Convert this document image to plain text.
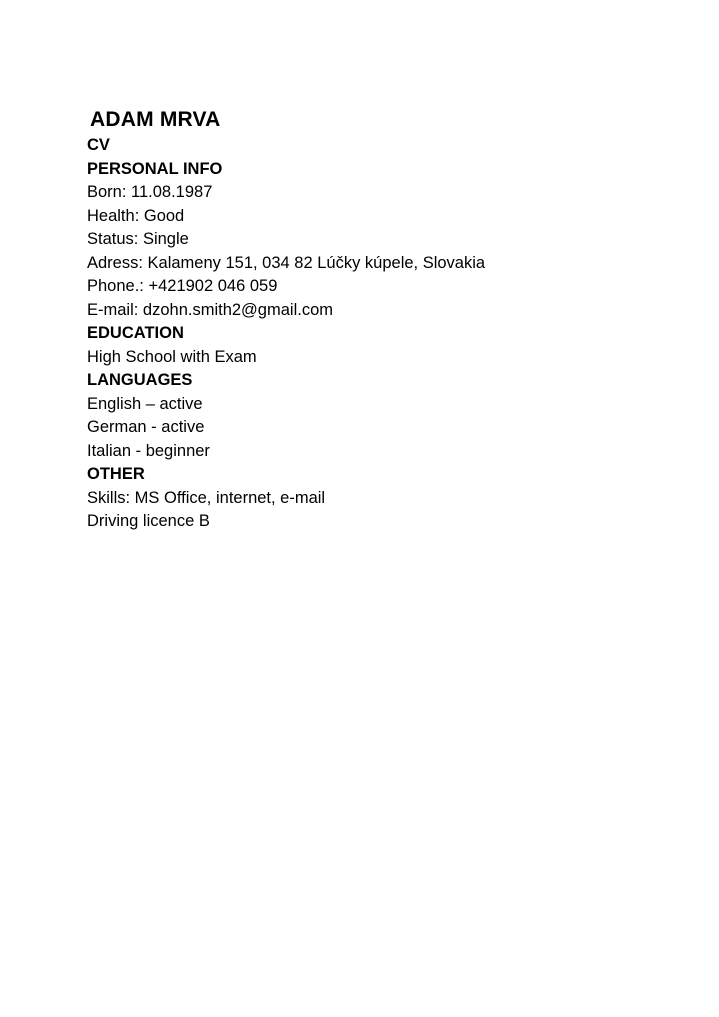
ADAM MRVA
CV
PERSONAL INFO
Born: 11.08.1987
Health: Good
Status: Single
Adress: Kalameny 151, 034 82 Lúčky kúpele, Slovakia
Phone.: +421902 046 059
E-mail: dzohn.smith2@gmail.com
EDUCATION
High School with Exam
LANGUAGES
English – active
German - active
Italian - beginner
OTHER
Skills: MS Office, internet, e-mail
Driving licence B
